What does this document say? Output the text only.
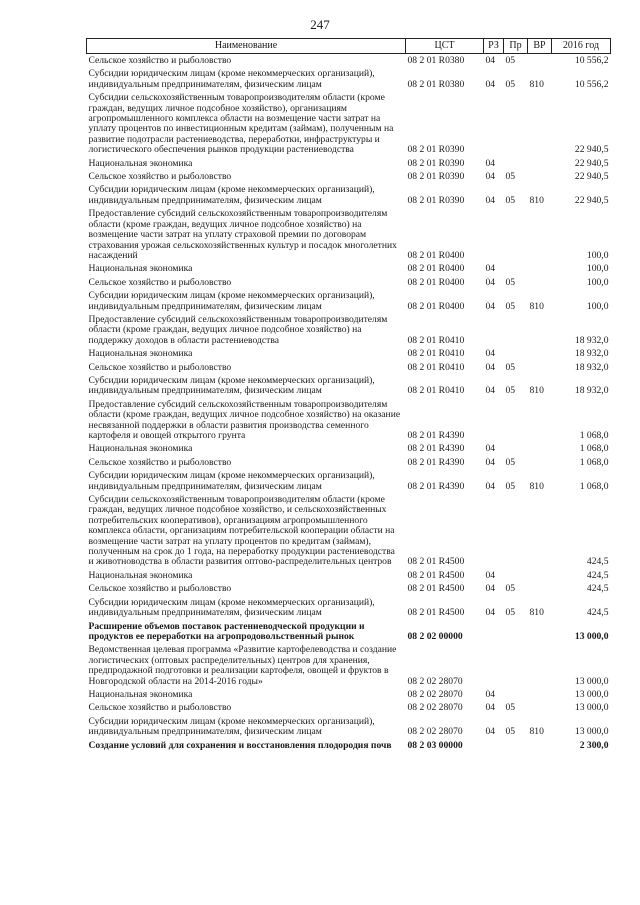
247
Наименование	ЦСТ	РЗ	Пр	ВР	2016 год
Сельское хозяйство и рыболовство	08 2 01 R0380	04	05		10 556,2
Субсидии юридическим лицам (кроме некоммерческих организаций), индивидуальным предпринимателям, физическим лицам	08 2 01 R0380	04	05	810	10 556,2
Субсидии сельскохозяйственным товаропроизводителям области (кроме граждан, ведущих личное подсобное хозяйство), организациям агропромышленного комплекса области на возмещение части затрат на уплату процентов по инвестиционным кредитам (займам), полученным на развитие подотрасли растениеводства, переработки, инфраструктуры и логистического обеспечения рынков продукции растениеводства	08 2 01 R0390				22 940,5
Национальная экономика	08 2 01 R0390	04			22 940,5
Сельское хозяйство и рыболовство	08 2 01 R0390	04	05		22 940,5
Субсидии юридическим лицам (кроме некоммерческих организаций), индивидуальным предпринимателям, физическим лицам	08 2 01 R0390	04	05	810	22 940,5
Предоставление субсидий сельскохозяйственным товаропроизводителям области (кроме граждан, ведущих личное подсобное хозяйство) на возмещение части затрат на уплату страховой премии по договорам страхования урожая сельскохозяйственных культур и посадок многолетних насаждений	08 2 01 R0400				100,0
Национальная экономика	08 2 01 R0400	04			100,0
Сельское хозяйство и рыболовство	08 2 01 R0400	04	05		100,0
Субсидии юридическим лицам (кроме некоммерческих организаций), индивидуальным предпринимателям, физическим лицам	08 2 01 R0400	04	05	810	100,0
Предоставление субсидий сельскохозяйственным товаропроизводителям области (кроме граждан, ведущих личное подсобное хозяйство) на поддержку доходов в области растениеводства	08 2 01 R0410				18 932,0
Национальная экономика	08 2 01 R0410	04			18 932,0
Сельское хозяйство и рыболовство	08 2 01 R0410	04	05		18 932,0
Субсидии юридическим лицам (кроме некоммерческих организаций), индивидуальным предпринимателям, физическим лицам	08 2 01 R0410	04	05	810	18 932,0
Предоставление субсидий сельскохозяйственным товаропроизводителям области (кроме граждан, ведущих личное подсобное хозяйство) на оказание несвязанной поддержки в области развития производства семенного картофеля и овощей открытого грунта	08 2 01 R4390				1 068,0
Национальная экономика	08 2 01 R4390	04			1 068,0
Сельское хозяйство и рыболовство	08 2 01 R4390	04	05		1 068,0
Субсидии юридическим лицам (кроме некоммерческих организаций), индивидуальным предпринимателям, физическим лицам	08 2 01 R4390	04	05	810	1 068,0
Субсидии сельскохозяйственным товаропроизводителям области (кроме граждан, ведущих личное подсобное хозяйство, и сельскохозяйственных потребительских кооперативов), организациям агропромышленного комплекса области, организациям потребительской кооперации области на возмещение части затрат на уплату процентов по кредитам (займам), полученным на срок до 1 года, на переработку продукции растениеводства и животноводства в области развития оптово-распределительных центров	08 2 01 R4500				424,5
Национальная экономика	08 2 01 R4500	04			424,5
Сельское хозяйство и рыболовство	08 2 01 R4500	04	05		424,5
Субсидии юридическим лицам (кроме некоммерческих организаций), индивидуальным предпринимателям, физическим лицам	08 2 01 R4500	04	05	810	424,5
Расширение объемов поставок растениеводческой продукции и продуктов ее переработки на агропродовольственный рынок	08 2 02 00000				13 000,0
Ведомственная целевая программа «Развитие картофелеводства и создание логистических (оптовых распределительных) центров для хранения, предпродажной подготовки и реализации картофеля, овощей и фруктов в Новгородской области на 2014-2016 годы»	08 2 02 28070				13 000,0
Национальная экономика	08 2 02 28070	04			13 000,0
Сельское хозяйство и рыболовство	08 2 02 28070	04	05		13 000,0
Субсидии юридическим лицам (кроме некоммерческих организаций), индивидуальным предпринимателям, физическим лицам	08 2 02 28070	04	05	810	13 000,0
Создание условий для сохранения и восстановления плодородия почв	08 2 03 00000				2 300,0
